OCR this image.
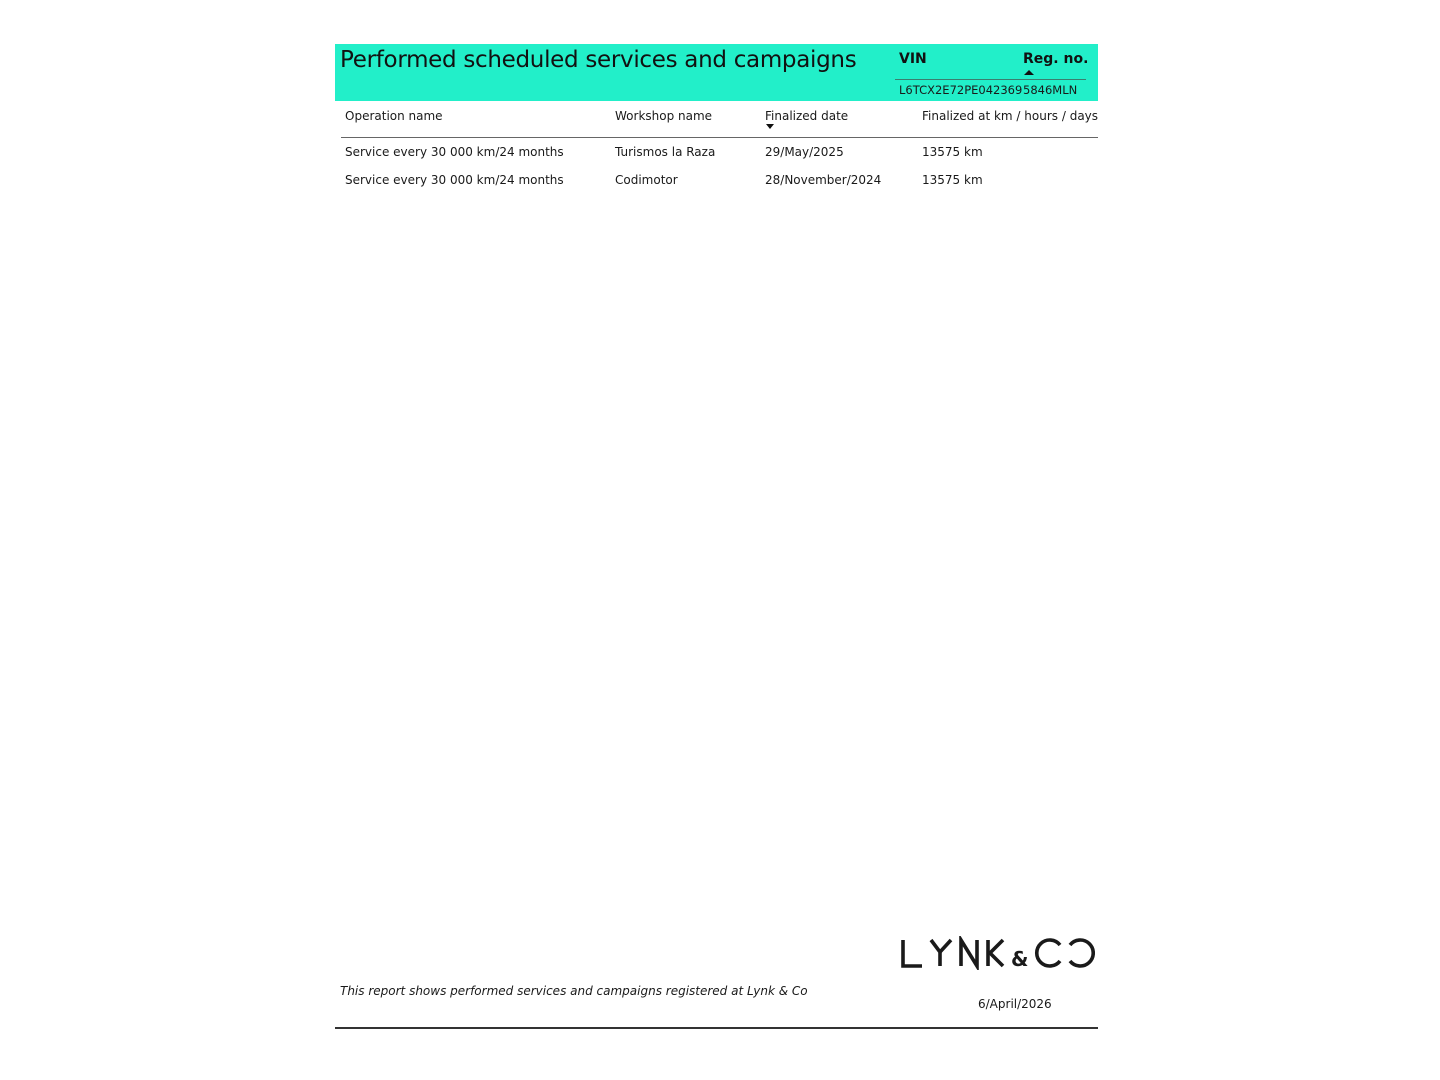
Performed scheduled services and campaigns	VIN	Reg. no.
L6TCX2E72PE042369 5846MLN
Operation name	Workshop name	Finalized date	Finalized at km / hours / days
Service every 30 000 km/24 months	Turismos la Raza	29/May/2025	13575 km
Service every 30 000 km/24 months	Codimotor	28/November/2024	13575 km
&
This report shows performed services and campaigns registered at Lynk & Co
6/April/2026
